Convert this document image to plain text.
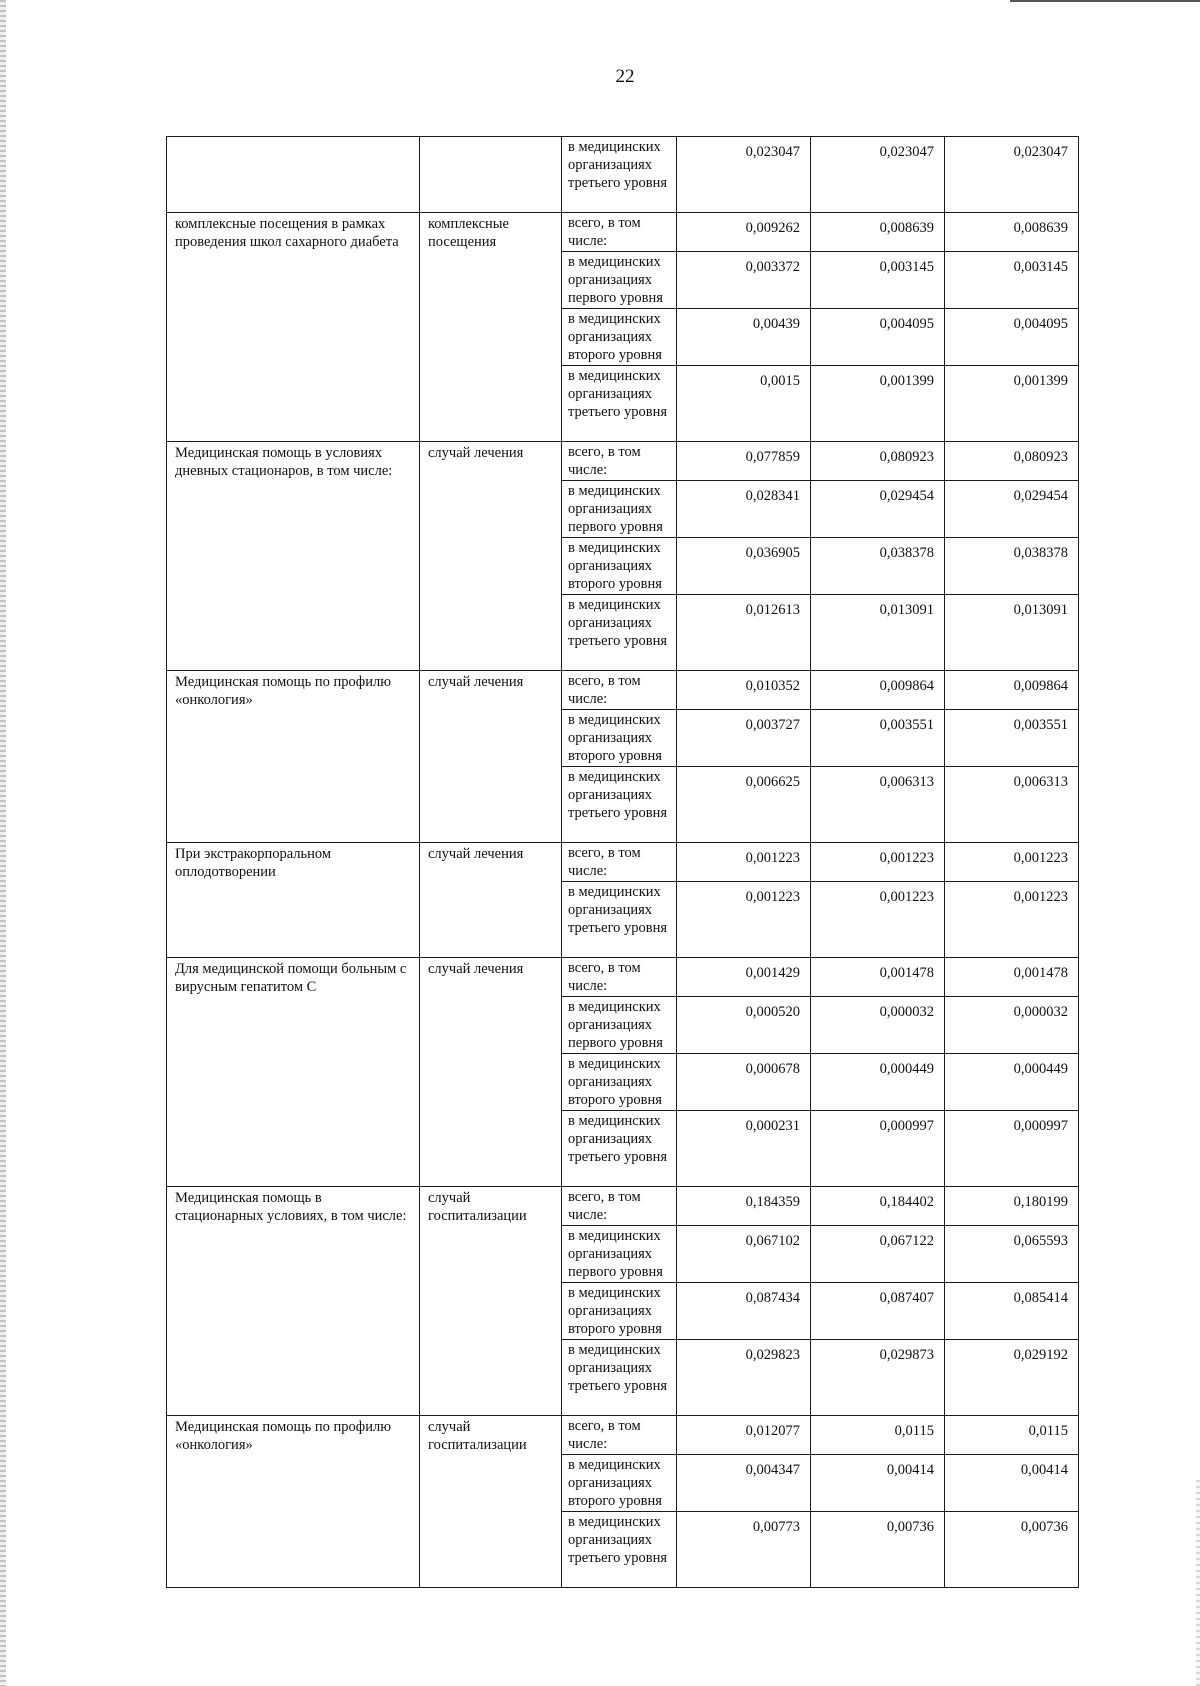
22
		в медицинских организациях третьего уровня	0,023047	0,023047	0,023047
комплексные посещения в рамках проведения школ сахарного диабета	комплексные посещения	всего, в том числе:	0,009262	0,008639	0,008639
		в медицинских организациях первого уровня	0,003372	0,003145	0,003145
		в медицинских организациях второго уровня	0,00439	0,004095	0,004095
		в медицинских организациях третьего уровня	0,0015	0,001399	0,001399
Медицинская помощь в условиях дневных стационаров, в том числе:	случай лечения	всего, в том числе:	0,077859	0,080923	0,080923
		в медицинских организациях первого уровня	0,028341	0,029454	0,029454
		в медицинских организациях второго уровня	0,036905	0,038378	0,038378
		в медицинских организациях третьего уровня	0,012613	0,013091	0,013091
Медицинская помощь по профилю «онкология»	случай лечения	всего, в том числе:	0,010352	0,009864	0,009864
		в медицинских организациях второго уровня	0,003727	0,003551	0,003551
		в медицинских организациях третьего уровня	0,006625	0,006313	0,006313
При экстракорпоральном оплодотворении	случай лечения	всего, в том числе:	0,001223	0,001223	0,001223
		в медицинских организациях третьего уровня	0,001223	0,001223	0,001223
Для медицинской помощи больным с вирусным гепатитом С	случай лечения	всего, в том числе:	0,001429	0,001478	0,001478
		в медицинских организациях первого уровня	0,000520	0,000032	0,000032
		в медицинских организациях второго уровня	0,000678	0,000449	0,000449
		в медицинских организациях третьего уровня	0,000231	0,000997	0,000997
Медицинская помощь в стационарных условиях, в том числе:	случай госпитализации	всего, в том числе:	0,184359	0,184402	0,180199
		в медицинских организациях первого уровня	0,067102	0,067122	0,065593
		в медицинских организациях второго уровня	0,087434	0,087407	0,085414
		в медицинских организациях третьего уровня	0,029823	0,029873	0,029192
Медицинская помощь по профилю «онкология»	случай госпитализации	всего, в том числе:	0,012077	0,0115	0,0115
		в медицинских организациях второго уровня	0,004347	0,00414	0,00414
		в медицинских организациях третьего уровня	0,00773	0,00736	0,00736
